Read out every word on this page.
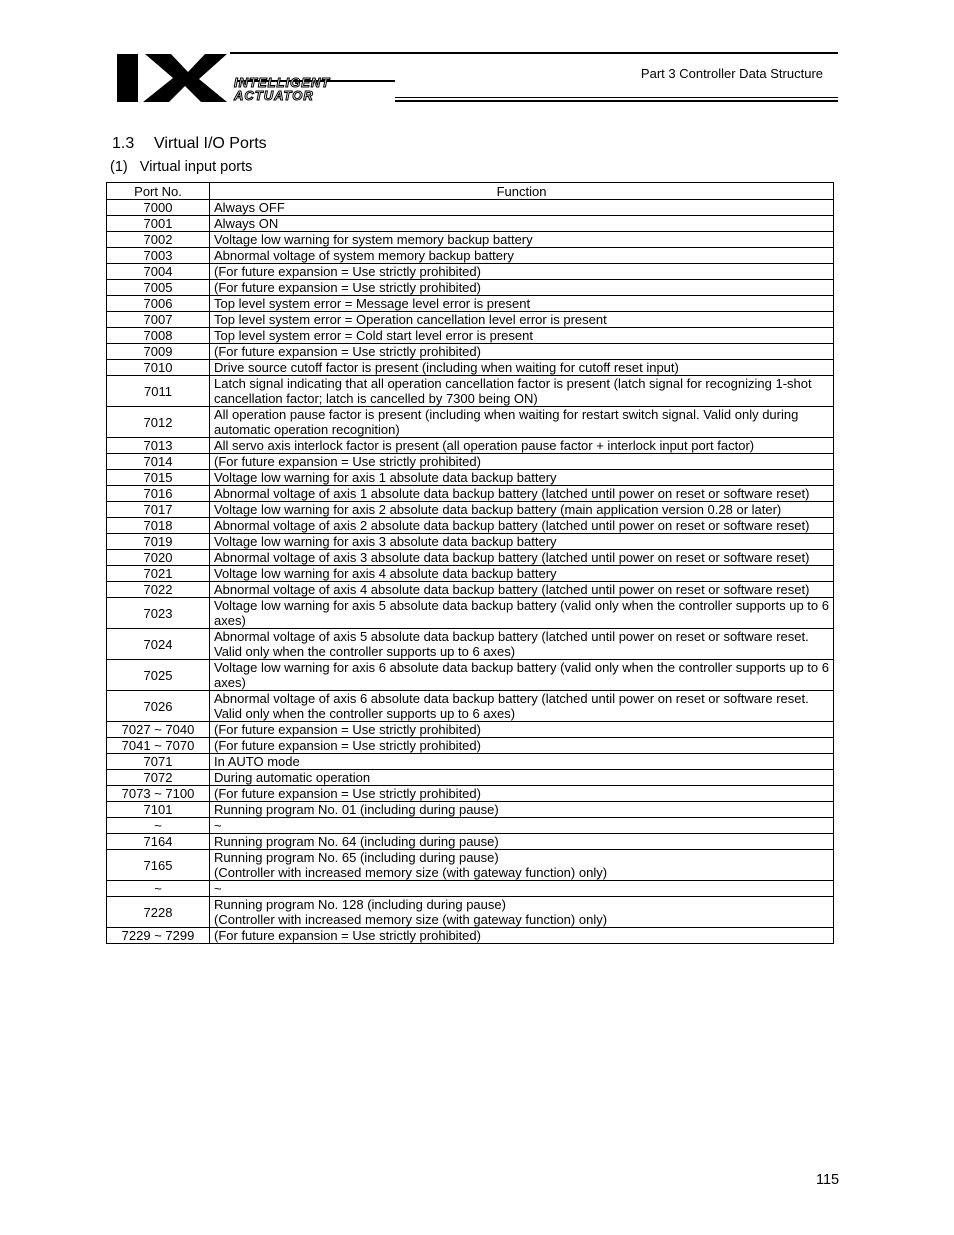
INTELLIGENT
ACTUATOR
Part 3 Controller Data Structure
1.3 Virtual I/O Ports
(1)   Virtual input ports
Port No.	Function
7000	Always OFF
7001	Always ON
7002	Voltage low warning for system memory backup battery
7003	Abnormal voltage of system memory backup battery
7004	(For future expansion = Use strictly prohibited)
7005	(For future expansion = Use strictly prohibited)
7006	Top level system error = Message level error is present
7007	Top level system error = Operation cancellation level error is present
7008	Top level system error = Cold start level error is present
7009	(For future expansion = Use strictly prohibited)
7010	Drive source cutoff factor is present (including when waiting for cutoff reset input)
7011	Latch signal indicating that all operation cancellation factor is present (latch signal for recognizing 1-shot cancellation factor; latch is cancelled by 7300 being ON)
7012	All operation pause factor is present (including when waiting for restart switch signal. Valid only during automatic operation recognition)
7013	All servo axis interlock factor is present (all operation pause factor + interlock input port factor)
7014	(For future expansion = Use strictly prohibited)
7015	Voltage low warning for axis 1 absolute data backup battery
7016	Abnormal voltage of axis 1 absolute data backup battery (latched until power on reset or software reset)
7017	Voltage low warning for axis 2 absolute data backup battery (main application version 0.28 or later)
7018	Abnormal voltage of axis 2 absolute data backup battery (latched until power on reset or software reset)
7019	Voltage low warning for axis 3 absolute data backup battery
7020	Abnormal voltage of axis 3 absolute data backup battery (latched until power on reset or software reset)
7021	Voltage low warning for axis 4 absolute data backup battery
7022	Abnormal voltage of axis 4 absolute data backup battery (latched until power on reset or software reset)
7023	Voltage low warning for axis 5 absolute data backup battery (valid only when the controller supports up to 6 axes)
7024	Abnormal voltage of axis 5 absolute data backup battery (latched until power on reset or software reset. Valid only when the controller supports up to 6 axes)
7025	Voltage low warning for axis 6 absolute data backup battery (valid only when the controller supports up to 6 axes)
7026	Abnormal voltage of axis 6 absolute data backup battery (latched until power on reset or software reset. Valid only when the controller supports up to 6 axes)
7027 ~ 7040	(For future expansion = Use strictly prohibited)
7041 ~ 7070	(For future expansion = Use strictly prohibited)
7071	In AUTO mode
7072	During automatic operation
7073 ~ 7100	(For future expansion = Use strictly prohibited)
7101	Running program No. 01 (including during pause)
~	~
7164	Running program No. 64 (including during pause)
7165	Running program No. 65 (including during pause)
(Controller with increased memory size (with gateway function) only)

~	~
7228	Running program No. 128 (including during pause)
(Controller with increased memory size (with gateway function) only)

7229 ~ 7299	(For future expansion = Use strictly prohibited)
115
